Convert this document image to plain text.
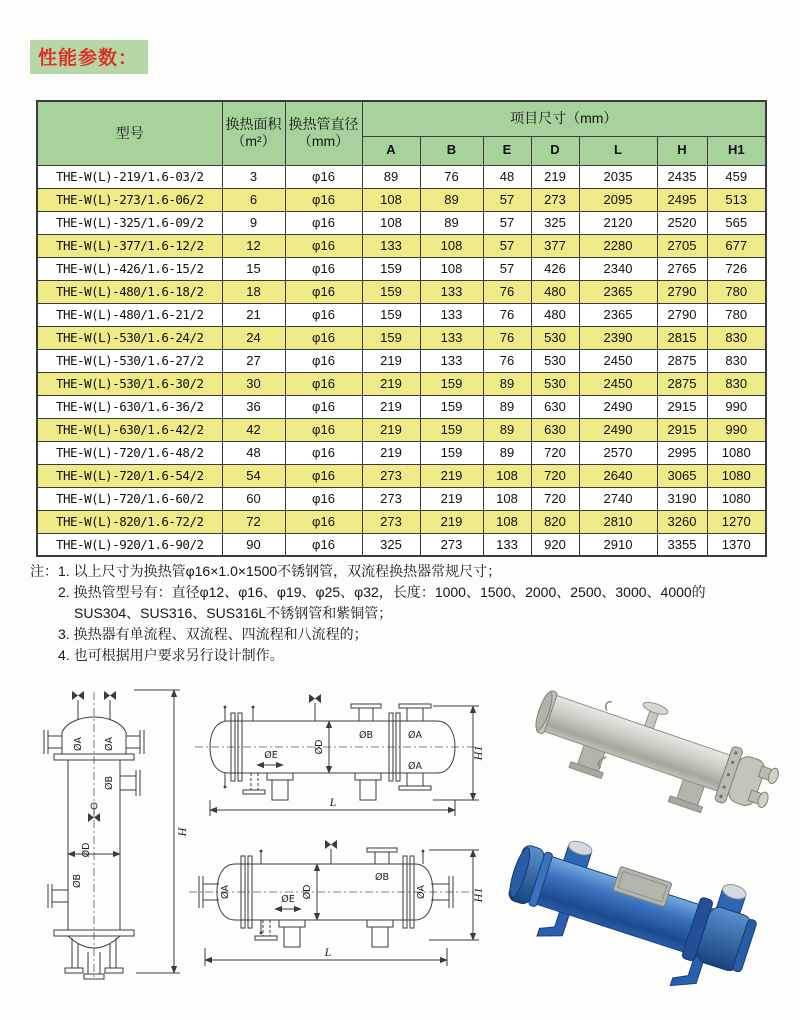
性能参数：
型号	换热面积（m²）	换热管直径（mm）	项目尺寸（mm）						
			A	B	E	D	L	H	H1
THE-W(L)-219/1.6-03/2	3	φ16	89	76	48	219	2035	2435	459
THE-W(L)-273/1.6-06/2	6	φ16	108	89	57	273	2095	2495	513
THE-W(L)-325/1.6-09/2	9	φ16	108	89	57	325	2120	2520	565
THE-W(L)-377/1.6-12/2	12	φ16	133	108	57	377	2280	2705	677
THE-W(L)-426/1.6-15/2	15	φ16	159	108	57	426	2340	2765	726
THE-W(L)-480/1.6-18/2	18	φ16	159	133	76	480	2365	2790	780
THE-W(L)-480/1.6-21/2	21	φ16	159	133	76	480	2365	2790	780
THE-W(L)-530/1.6-24/2	24	φ16	159	133	76	530	2390	2815	830
THE-W(L)-530/1.6-27/2	27	φ16	219	133	76	530	2450	2875	830
THE-W(L)-530/1.6-30/2	30	φ16	219	159	89	530	2450	2875	830
THE-W(L)-630/1.6-36/2	36	φ16	219	159	89	630	2490	2915	990
THE-W(L)-630/1.6-42/2	42	φ16	219	159	89	630	2490	2915	990
THE-W(L)-720/1.6-48/2	48	φ16	219	159	89	720	2570	2995	1080
THE-W(L)-720/1.6-54/2	54	φ16	273	219	108	720	2640	3065	1080
THE-W(L)-720/1.6-60/2	60	φ16	273	219	108	720	2740	3190	1080
THE-W(L)-820/1.6-72/2	72	φ16	273	219	108	820	2810	3260	1270
THE-W(L)-920/1.6-90/2	90	φ16	325	273	133	920	2910	3355	1370
注： 1. 以上尺寸为换热管φ16×1.0×1500不锈钢管，双流程换热器常规尺寸；
2. 换热管型号有：直径φ12、φ16、φ19、φ25、φ32，长度：1000、1500、2000、2500、3000、4000的
SUS304、SUS316、SUS316L不锈钢管和紫铜管；
3. 换热器有单流程、双流程、四流程和八流程的；
4. 也可根据用户要求另行设计制作。
ØA ØA
ØB
ØD
ØB
H
ØB	ØA
ØA
ØD
ØE
L
H1
ØA	ØA
ØB
ØD
ØE
L
H1
